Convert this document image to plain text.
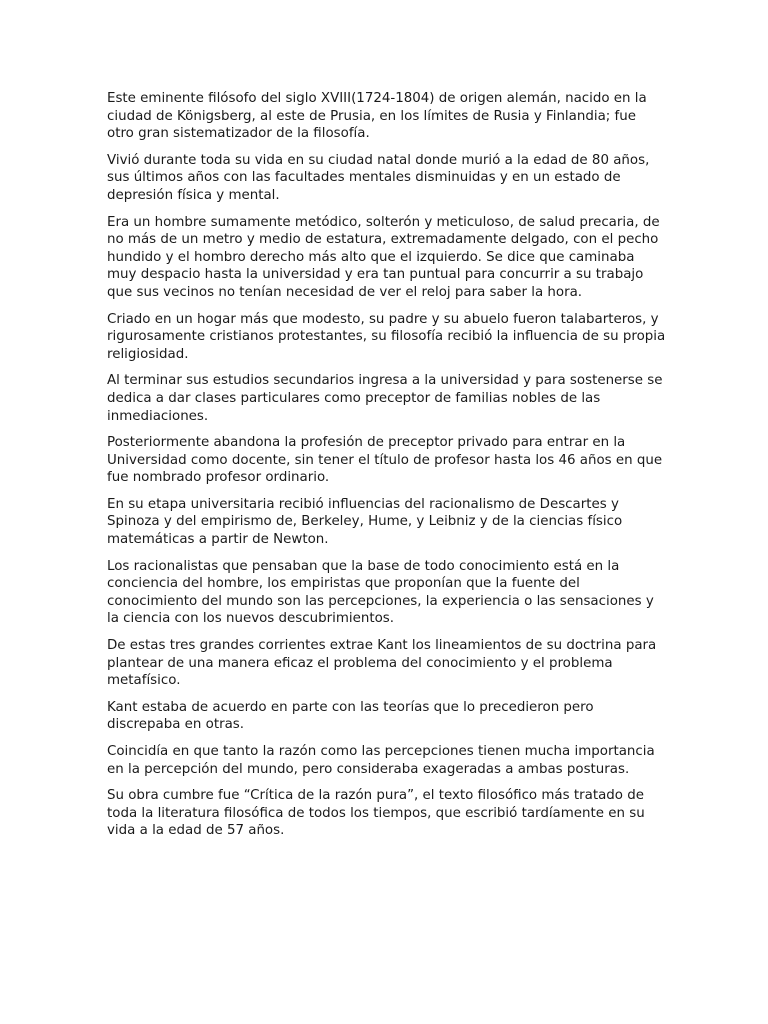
Este eminente filósofo del siglo XVIII(1724-1804) de origen alemán, nacido en la ciudad de Königsberg, al este de Prusia, en los límites de Rusia y Finlandia; fue otro gran sistematizador de la filosofía.

Vivió durante toda su vida en su ciudad natal donde murió a la edad de 80 años, sus últimos años con las facultades mentales disminuidas y en un estado de depresión física y mental.

Era un hombre sumamente metódico, solterón y meticuloso, de salud precaria, de no más de un metro y medio de estatura, extremadamente delgado, con el pecho hundido y el hombro derecho más alto que el izquierdo. Se dice que caminaba muy despacio hasta la universidad y era tan puntual para concurrir a su trabajo que sus vecinos no tenían necesidad de ver el reloj para saber la hora.

Criado en un hogar más que modesto, su padre y su abuelo fueron talabarteros, y rigurosamente cristianos protestantes, su filosofía recibió la influencia de su propia religiosidad.

Al terminar sus estudios secundarios ingresa a la universidad y para sostenerse se dedica a dar clases particulares como preceptor de familias nobles de las inmediaciones.

Posteriormente abandona la profesión de preceptor privado para entrar en la Universidad como docente, sin tener el título de profesor hasta los 46 años en que fue nombrado profesor ordinario.

En su etapa universitaria recibió influencias del racionalismo de Descartes y Spinoza y del empirismo de, Berkeley, Hume, y Leibniz y de la ciencias físico matemáticas a partir de Newton.

Los racionalistas que pensaban que la base de todo conocimiento está en la conciencia del hombre, los empiristas que proponían que la fuente del conocimiento del mundo son las percepciones, la experiencia o las sensaciones y la ciencia con los nuevos descubrimientos.

De estas tres grandes corrientes extrae Kant los lineamientos de su doctrina para plantear de una manera eficaz el problema del conocimiento y el problema metafísico.

Kant estaba de acuerdo en parte con las teorías que lo precedieron pero discrepaba en otras.

Coincidía en que tanto la razón como las percepciones tienen mucha importancia en la percepción del mundo, pero consideraba exageradas a ambas posturas.

Su obra cumbre fue “Crítica de la razón pura”, el texto filosófico más tratado de toda la literatura filosófica de todos los tiempos, que escribió tardíamente en su vida a la edad de 57 años.
